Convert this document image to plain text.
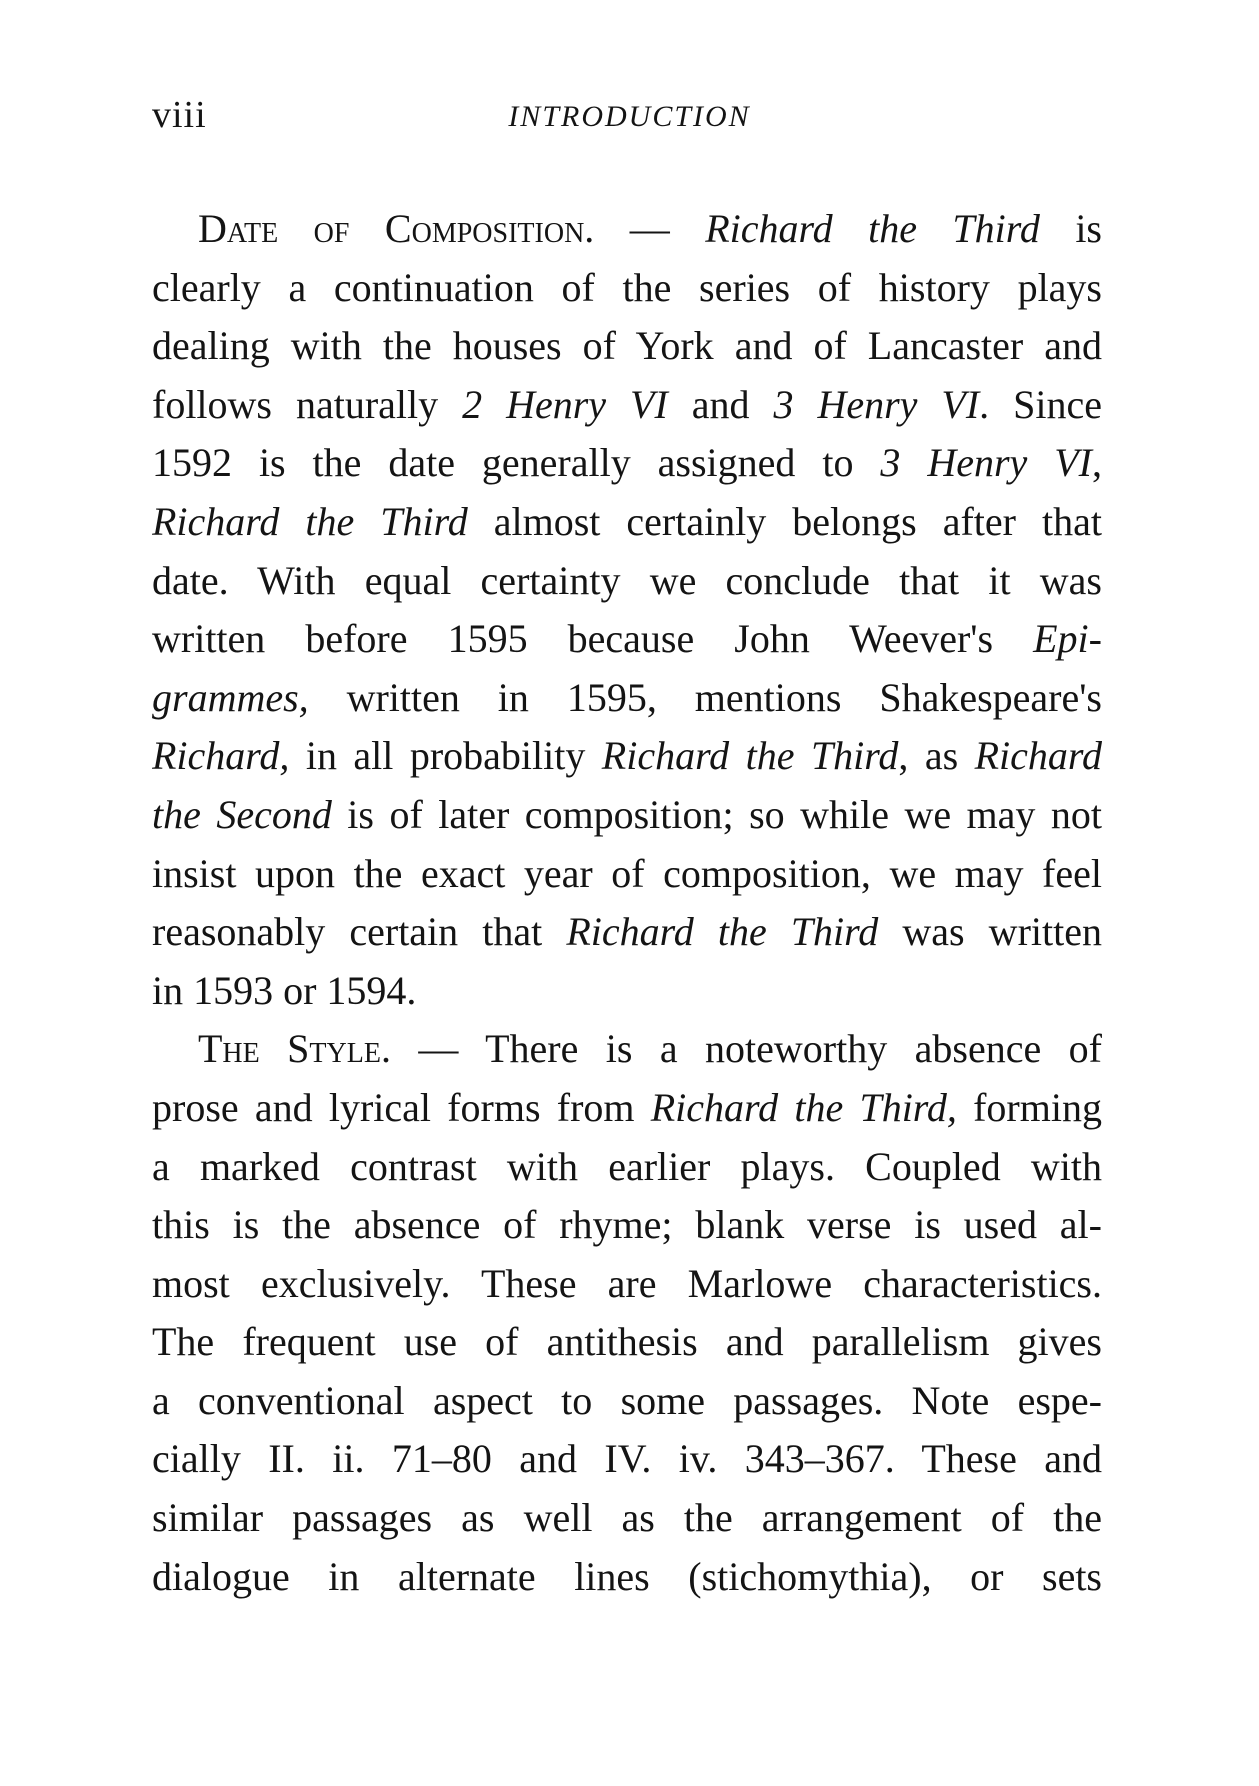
viii	INTRODUCTION
Date of Composition. — Richard the Third is
clearly a continuation of the series of history plays
dealing with the houses of York and of Lancaster and
follows naturally 2 Henry VI and 3 Henry VI. Since
1592 is the date generally assigned to 3 Henry VI,
Richard the Third almost certainly belongs after that
date. With equal certainty we conclude that it was
written before 1595 because John Weever's Epi-
grammes, written in 1595, mentions Shakespeare's
Richard, in all probability Richard the Third, as Richard
the Second is of later composition; so while we may not
insist upon the exact year of composition, we may feel
reasonably certain that Richard the Third was written
in 1593 or 1594.
The Style. — There is a noteworthy absence of
prose and lyrical forms from Richard the Third, forming
a marked contrast with earlier plays. Coupled with
this is the absence of rhyme; blank verse is used al-
most exclusively. These are Marlowe characteristics.
The frequent use of antithesis and parallelism gives
a conventional aspect to some passages. Note espe-
cially II. ii. 71–80 and IV. iv. 343–367. These and
similar passages as well as the arrangement of the
dialogue in alternate lines (stichomythia), or sets
